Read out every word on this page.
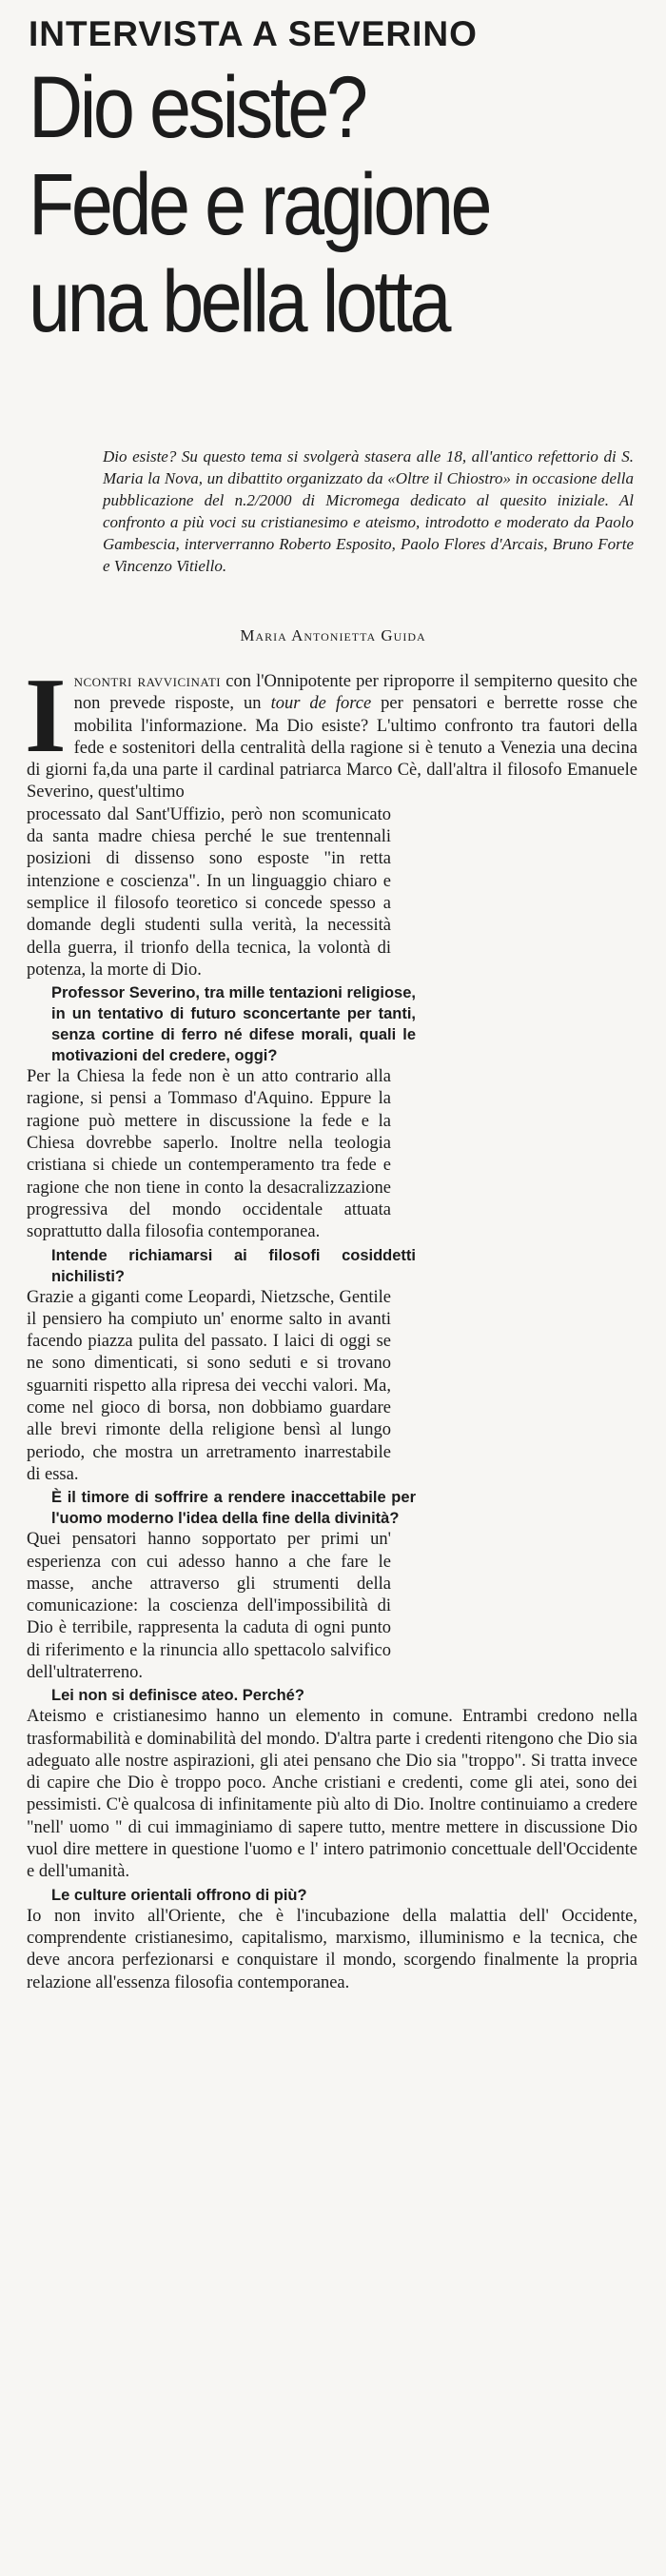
INTERVISTA A SEVERINO
Dio esiste?
Fede e ragione
una bella lotta

Dio esiste? Su questo tema si svolgerà stasera alle 18, all'antico refettorio di S. Maria la Nova, un dibattito organizzato da «Oltre il Chiostro» in occasione della pubblicazione del n.2/2000 di Micromega dedicato al quesito iniziale. Al confronto a più voci su cristianesimo e ateismo, introdotto e moderato da Paolo Gambescia, interverranno Roberto Esposito, Paolo Flores d'Arcais, Bruno Forte e Vincenzo Vitiello.

Maria Antonietta Guida

Incontri ravvicinati con l'Onnipotente per riproporre il sempiterno quesito che non prevede risposte, un tour de force per pensatori e berrette rosse che mobilita l'informazione. Ma Dio esiste? L'ultimo confronto tra fautori della fede e sostenitori della centralità della ragione si è tenuto a Venezia una decina di giorni fa,da una parte il cardinal patriarca Marco Cè, dall'altra il filosofo Emanuele Severino, quest'ultimo

processato dal Sant'Uffizio, però non scomunicato da santa madre chiesa perché le sue trentennali posizioni di dissenso sono esposte "in retta intenzione e coscienza". In un linguaggio chiaro e semplice il filosofo teoretico si concede spesso a domande degli studenti sulla verità, la necessità della guerra, il trionfo della tecnica, la volontà di potenza, la morte di Dio.

Professor Severino, tra mille tentazioni religiose, in un tentativo di futuro sconcertante per tanti, senza cortine di ferro né difese morali, quali le motivazioni del credere, oggi?

Per la Chiesa la fede non è un atto contrario alla ragione, si pensi a Tommaso d'Aquino. Eppure la ragione può mettere in discussione la fede e la Chiesa dovrebbe saperlo. Inoltre nella teologia cristiana si chiede un contemperamento tra fede e ragione che non tiene in conto la desacralizzazione progressiva del mondo occidentale attuata soprattutto dalla filosofia contemporanea.

Intende richiamarsi ai filosofi cosiddetti nichilisti?

Grazie a giganti come Leopardi, Nietzsche, Gentile il pensiero ha compiuto un' enorme salto in avanti facendo piazza pulita del passato. I laici di oggi se ne sono dimenticati, si sono seduti e si trovano sguarniti rispetto alla ripresa dei vecchi valori. Ma, come nel gioco di borsa, non dobbiamo guardare alle brevi rimonte della religione bensì al lungo periodo, che mostra un arretramento inarrestabile di essa.

È il timore di soffrire a rendere inaccettabile per l'uomo moderno l'idea della fine della divinità?

Quei pensatori hanno sopportato per primi un' esperienza con cui adesso hanno a che fare le masse, anche attraverso gli strumenti della comunicazione: la coscienza dell'impossibilità di Dio è terribile, rappresenta la caduta di ogni punto di riferimento e la rinuncia allo spettacolo salvifico dell'ultraterreno.

Lei non si definisce ateo. Perché?

Ateismo e cristianesimo hanno un elemento in comune. Entrambi credono nella trasformabilità e dominabilità del mondo. D'altra parte i credenti ritengono che Dio sia adeguato alle nostre aspirazioni, gli atei pensano che Dio sia "troppo". Si tratta invece di capire che Dio è troppo poco. Anche cristiani e credenti, come gli atei, sono dei pessimisti. C'è qualcosa di infinitamente più alto di Dio. Inoltre continuiamo a credere "nell' uomo " di cui immaginiamo di sapere tutto, mentre mettere in discussione Dio vuol dire mettere in questione l'uomo e l' intero patrimonio concettuale dell'Occidente e dell'umanità.

Le culture orientali offrono di più?

Io non invito all'Oriente, che è l'incubazione della malattia dell' Occidente, comprendente cristianesimo, capitalismo, marxismo, illuminismo e la tecnica, che deve ancora perfezionarsi e conquistare il mondo, scorgendo finalmente la propria relazione all'essenza filosofia contemporanea.
